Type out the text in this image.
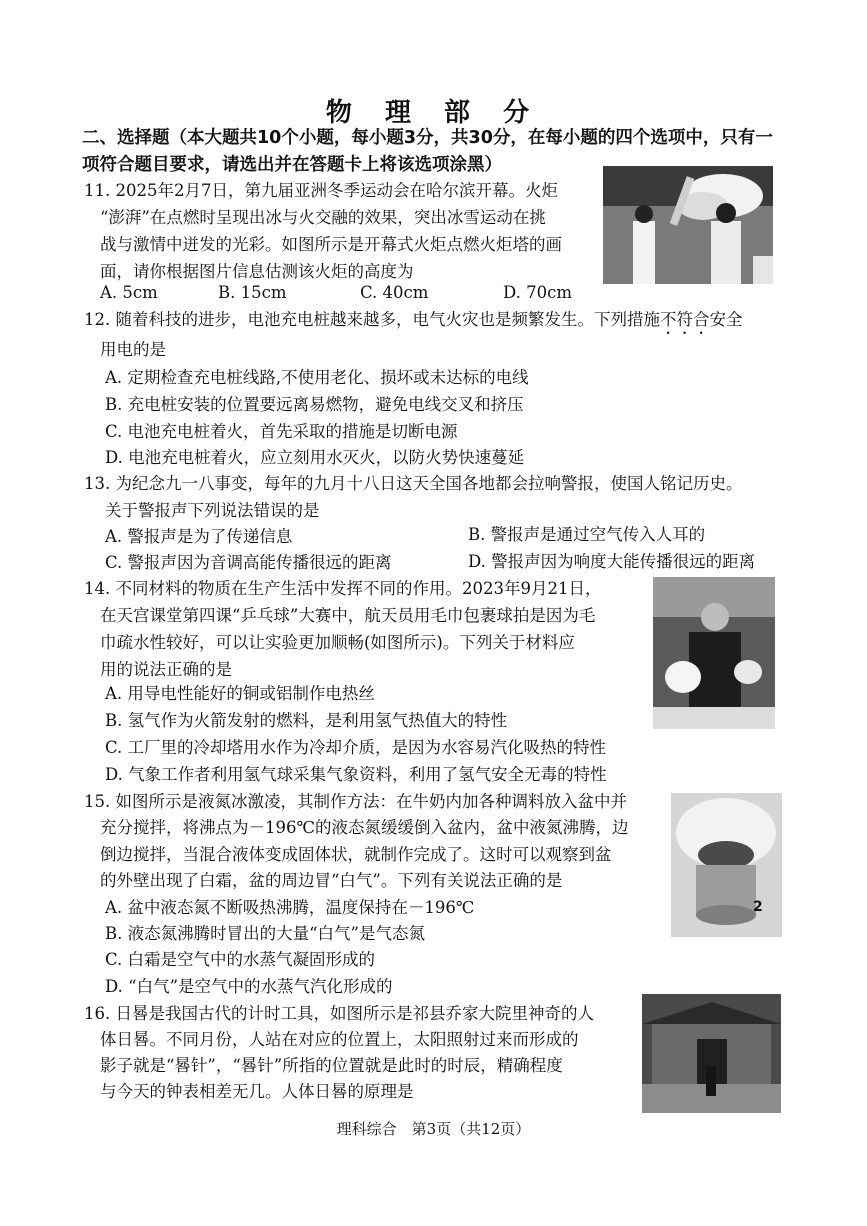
物 理 部 分
二、选择题（本大题共10个小题，每小题3分，共30分，在每小题的四个选项中，只有一
项符合题目要求，请选出并在答题卡上将该选项涂黑）
11. 2025年2月7日，第九届亚洲冬季运动会在哈尔滨开幕。火炬
“澎湃”在点燃时呈现出冰与火交融的效果，突出冰雪运动在挑
战与激情中迸发的光彩。如图所示是开幕式火炬点燃火炬塔的画
面，请你根据图片信息估测该火炬的高度为
A. 5cm	B. 15cm	C. 40cm	D. 70cm
12. 随着科技的进步，电池充电桩越来越多，电气火灾也是频繁发生。下列措施不符合安全
用电的是
A. 定期检查充电桩线路,不使用老化、损坏或未达标的电线
B. 充电桩安装的位置要远离易燃物，避免电线交叉和挤压
C. 电池充电桩着火，首先采取的措施是切断电源
D. 电池充电桩着火，应立刻用水灭火，以防火势快速蔓延
13. 为纪念九一八事变，每年的九月十八日这天全国各地都会拉响警报，使国人铭记历史。
关于警报声下列说法错误的是
A. 警报声是为了传递信息	B. 警报声是通过空气传入人耳的
C. 警报声因为音调高能传播很远的距离	D. 警报声因为响度大能传播很远的距离
14. 不同材料的物质在生产生活中发挥不同的作用。2023年9月21日，
在天宫课堂第四课“乒乓球”大赛中，航天员用毛巾包裹球拍是因为毛
巾疏水性较好，可以让实验更加顺畅(如图所示)。下列关于材料应
用的说法正确的是
A. 用导电性能好的铜或铝制作电热丝
B. 氢气作为火箭发射的燃料，是利用氢气热值大的特性
C. 工厂里的冷却塔用水作为冷却介质，是因为水容易汽化吸热的特性
D. 气象工作者利用氢气球采集气象资料，利用了氢气安全无毒的特性
15. 如图所示是液氮冰激凌，其制作方法：在牛奶内加各种调料放入盆中并
充分搅拌，将沸点为－196℃的液态氮缓缓倒入盆内，盆中液氮沸腾，边
倒边搅拌，当混合液体变成固体状，就制作完成了。这时可以观察到盆
的外壁出现了白霜，盆的周边冒“白气”。下列有关说法正确的是
A. 盆中液态氮不断吸热沸腾，温度保持在－196℃
B. 液态氮沸腾时冒出的大量“白气”是气态氮
C. 白霜是空气中的水蒸气凝固形成的
D. “白气”是空气中的水蒸气汽化形成的
2
16. 日晷是我国古代的计时工具，如图所示是祁县乔家大院里神奇的人
体日晷。不同月份，人站在对应的位置上，太阳照射过来而形成的
影子就是“晷针”，“晷针”所指的位置就是此时的时辰，精确程度
与今天的钟表相差无几。人体日晷的原理是
理科综合　第3页（共12页）
